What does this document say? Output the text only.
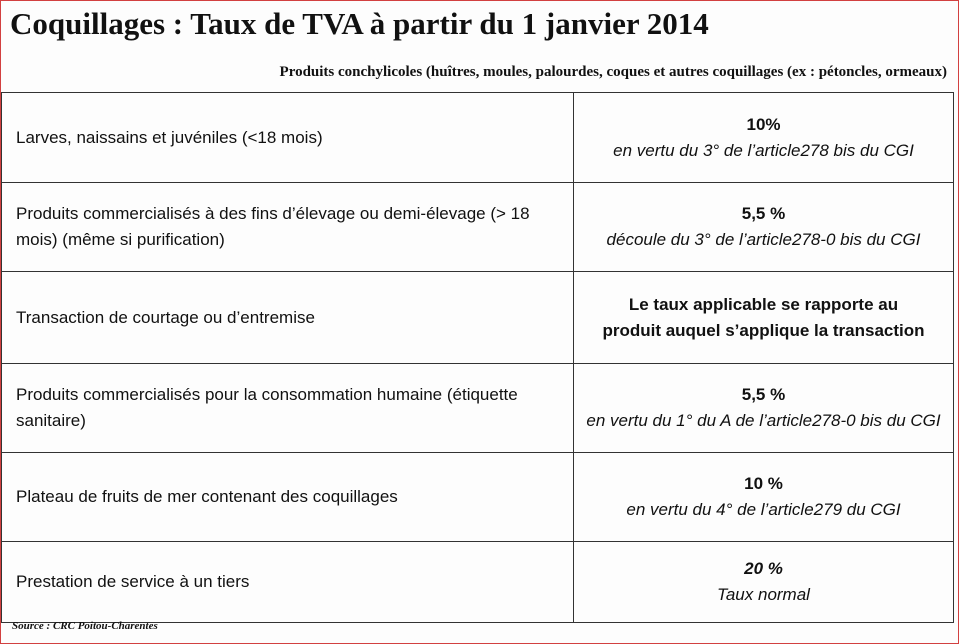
Coquillages : Taux de TVA à partir du 1 janvier 2014
Produits conchylicoles (huîtres, moules, palourdes, coques et autres coquillages (ex : pétoncles, ormeaux)
Larves, naissains et juvéniles (<18 mois)	10%
en vertu du 3° de l’article278 bis du CGI

Produits commercialisés à des fins d’élevage ou demi-élevage (> 18 mois) (même si purification)	5,5 %
découle du 3° de l’article278-0 bis du CGI

Transaction de courtage ou d’entremise	Le taux applicable se rapporte au produit auquel s’applique la transaction

Produits commercialisés pour la consommation humaine (étiquette sanitaire)	5,5 %
en vertu du 1° du A de l’article278-0 bis du CGI

Plateau de fruits de mer contenant des coquillages	10 %
en vertu du 4° de l’article279 du CGI

Prestation de service à un tiers	20 %
Taux normal
Source : CRC Poitou-Charentes
